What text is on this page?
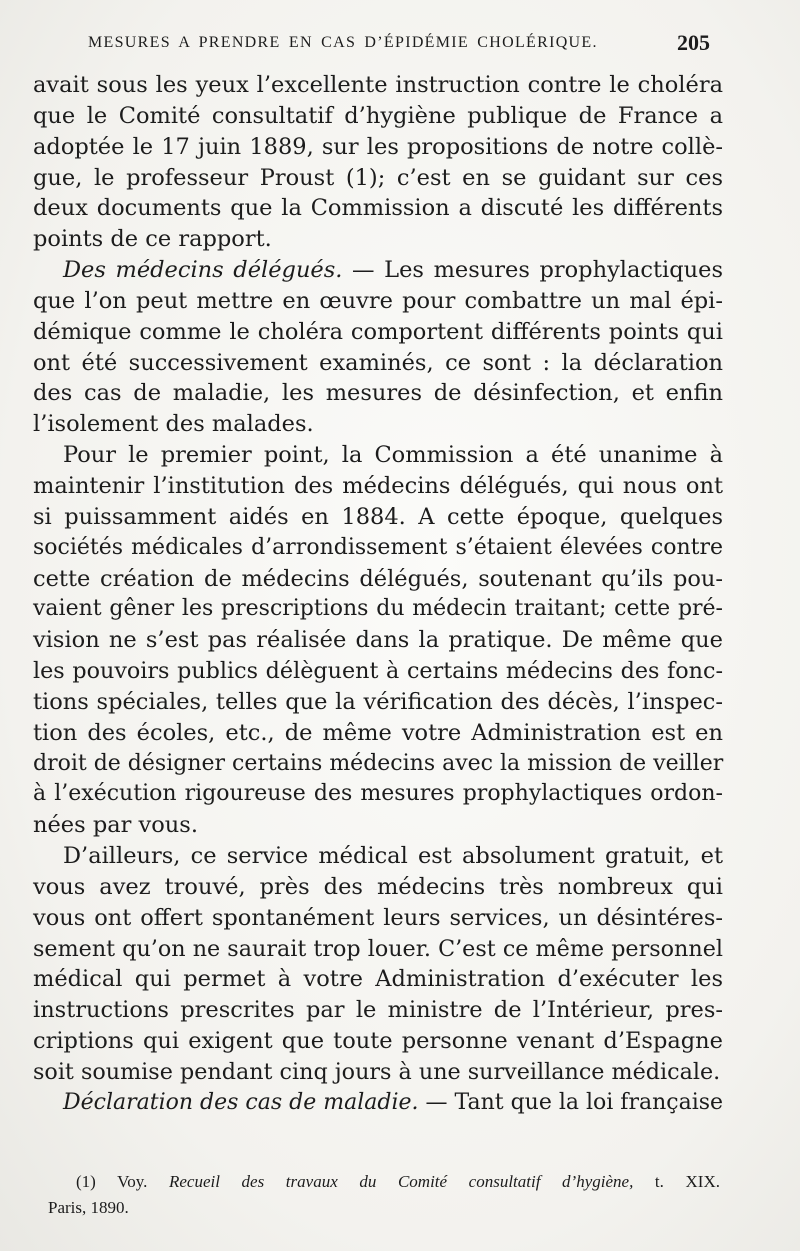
MESURES A PRENDRE EN CAS D’ÉPIDÉMIE CHOLÉRIQUE.	205
avait sous les yeux l’excellente instruction contre le choléra
que le Comité consultatif d’hygiène publique de France a
adoptée le 17 juin 1889, sur les propositions de notre collè-
gue, le professeur Proust (1); c’est en se guidant sur ces
deux documents que la Commission a discuté les différents
points de ce rapport.
Des médecins délégués. — Les mesures prophylactiques
que l’on peut mettre en œuvre pour combattre un mal épi-
démique comme le choléra comportent différents points qui
ont été successivement examinés, ce sont : la déclaration
des cas de maladie, les mesures de désinfection, et enfin
l’isolement des malades.
Pour le premier point, la Commission a été unanime à
maintenir l’institution des médecins délégués, qui nous ont
si puissamment aidés en 1884. A cette époque, quelques
sociétés médicales d’arrondissement s’étaient élevées contre
cette création de médecins délégués, soutenant qu’ils pou-
vaient gêner les prescriptions du médecin traitant; cette pré-
vision ne s’est pas réalisée dans la pratique. De même que
les pouvoirs publics délèguent à certains médecins des fonc-
tions spéciales, telles que la vérification des décès, l’inspec-
tion des écoles, etc., de même votre Administration est en
droit de désigner certains médecins avec la mission de veiller
à l’exécution rigoureuse des mesures prophylactiques ordon-
nées par vous.
D’ailleurs, ce service médical est absolument gratuit, et
vous avez trouvé, près des médecins très nombreux qui
vous ont offert spontanément leurs services, un désintéres-
sement qu’on ne saurait trop louer. C’est ce même personnel
médical qui permet à votre Administration d’exécuter les
instructions prescrites par le ministre de l’Intérieur, pres-
criptions qui exigent que toute personne venant d’Espagne
soit soumise pendant cinq jours à une surveillance médicale.
Déclaration des cas de maladie. — Tant que la loi française
(1) Voy. Recueil des travaux du Comité consultatif d’hygiène, t. XIX.
Paris, 1890.
